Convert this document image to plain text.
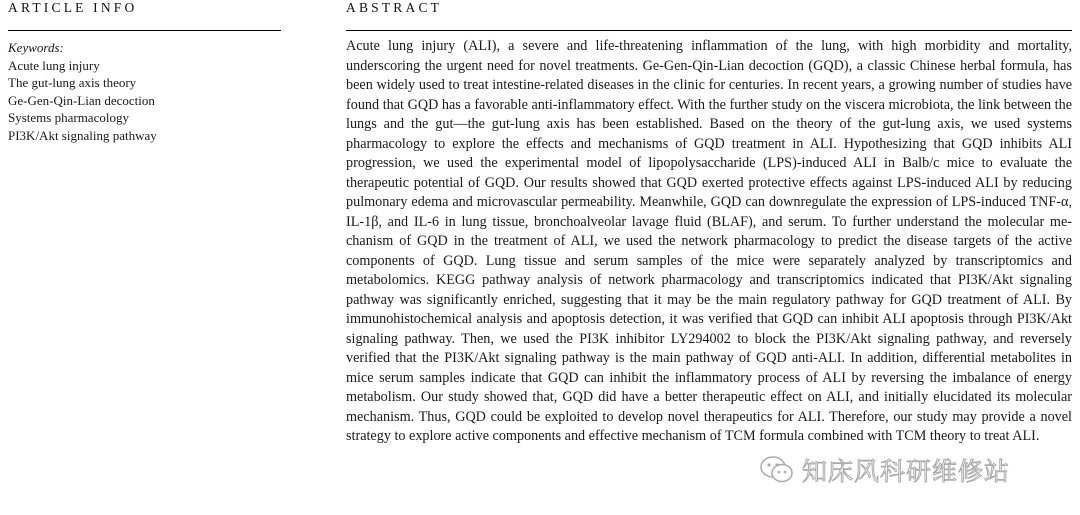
ARTICLE INFO
Keywords:
Acute lung injury
The gut-lung axis theory
Ge-Gen-Qin-Lian decoction
Systems pharmacology
PI3K/Akt signaling pathway
ABSTRACT

Acute lung injury (ALI), a severe and life-threatening inflammation of the lung, with high morbidity and mortality, underscoring the urgent need for novel treatments. Ge-Gen-Qin-Lian decoction (GQD), a classic Chinese herbal formula, has been widely used to treat intestine-related diseases in the clinic for centuries. In recent years, a growing number of studies have found that GQD has a favorable anti-inflammatory effect. With the further study on the viscera microbiota, the link between the lungs and the gut—the gut-lung axis has been established. Based on the theory of the gut-lung axis, we used systems pharmacology to explore the effects and mechanisms of GQD treatment in ALI. Hypothesizing that GQD inhibits ALI progression, we used the experimental model of lipopolysaccharide (LPS)-induced ALI in Balb/c mice to evaluate the therapeutic potential of GQD. Our results showed that GQD exerted protective effects against LPS-induced ALI by reducing pulmonary edema and microvascular permeability. Meanwhile, GQD can downregulate the expression of LPS-induced TNF-α, IL-1β, and IL-6 in lung tissue, bronchoalveolar lavage fluid (BLAF), and serum. To further understand the molecular mechanism of GQD in the treatment of ALI, we used the network pharmacology to predict the disease targets of the active components of GQD. Lung tissue and serum samples of the mice were separately analyzed by transcriptomics and metabolomics. KEGG pathway analysis of network pharmacology and transcriptomics indicated that PI3K/Akt signaling pathway was significantly enriched, suggesting that it may be the main regulatory pathway for GQD treatment of ALI. By immunohistochemical analysis and apoptosis detection, it was verified that GQD can inhibit ALI apoptosis through PI3K/Akt signaling pathway. Then, we used the PI3K inhibitor LY294002 to block the PI3K/Akt signaling pathway, and reversely verified that the PI3K/Akt signaling pathway is the main pathway of GQD anti-ALI. In addition, differential metabolites in mice serum samples indicate that GQD can inhibit the inflammatory process of ALI by reversing the imbalance of energy metabolism. Our study showed that, GQD did have a better therapeutic effect on ALI, and initially elucidated its molecular mechanism. Thus, GQD could be exploited to develop novel therapeutics for ALI. Therefore, our study may provide a novel strategy to explore active components and effective mechanism of TCM formula combined with TCM theory to treat ALI.

知床风科研维修站
